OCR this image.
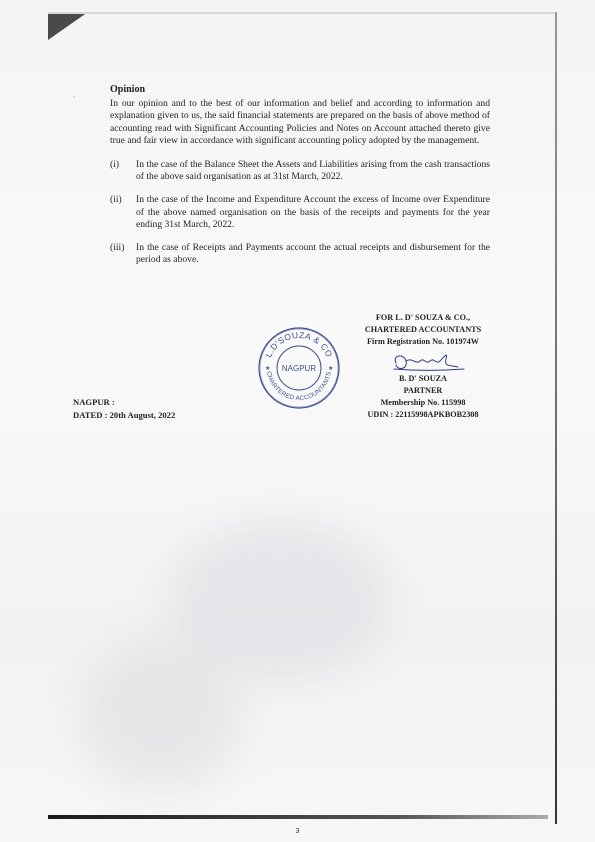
-
Opinion
In our opinion and to the best of our information and belief and according to information and explanation given to us, the said financial statements are prepared on the basis of above method of accounting read with Significant Accounting Policies and Notes on Account attached thereto give true and fair view in accordance with significant accounting policy adopted by the management.
(i)	In the case of the Balance Sheet the Assets and Liabilities arising from the cash transactions of the above said organisation as at 31st March, 2022.
(ii)	In the case of the Income and Expenditure Account the excess of Income over Expenditure of the above named organisation on the basis of the receipts and payments for the year ending 31st March, 2022.
(iii)	In the case of Receipts and Payments account the actual receipts and disbursement for the period as above.
L.D'SOUZA & CO
CHARTERED ACCOUNTANTS
NAGPUR
★	★
FOR L. D' SOUZA & CO.,
CHARTERED ACCOUNTANTS
Firm Registration No. 101974W
B. D' SOUZA
PARTNER
Membership No. 115998
UDIN : 22115998APKBOB2308
NAGPUR :
DATED : 20th August, 2022
3
